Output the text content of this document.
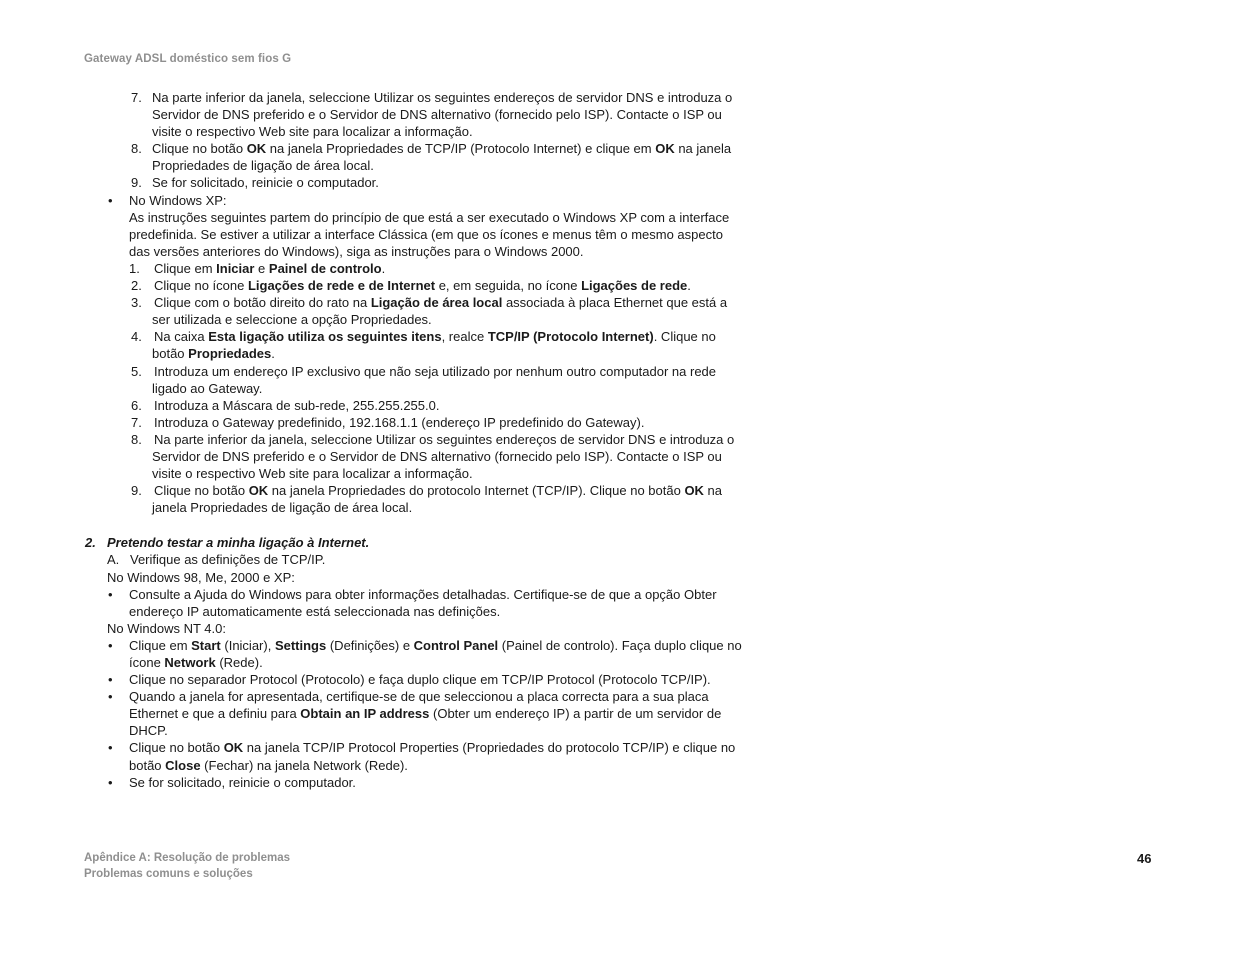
Gateway ADSL doméstico sem fios G
7. Na parte inferior da janela, seleccione Utilizar os seguintes endereços de servidor DNS e introduza o
Servidor de DNS preferido e o Servidor de DNS alternativo (fornecido pelo ISP). Contacte o ISP ou
visite o respectivo Web site para localizar a informação.
8. Clique no botão OK na janela Propriedades de TCP/IP (Protocolo Internet) e clique em OK na janela
Propriedades de ligação de área local.
9. Se for solicitado, reinicie o computador.
• No Windows XP:
As instruções seguintes partem do princípio de que está a ser executado o Windows XP com a interface
predefinida. Se estiver a utilizar a interface Clássica (em que os ícones e menus têm o mesmo aspecto
das versões anteriores do Windows), siga as instruções para o Windows 2000.
1. Clique em Iniciar e Painel de controlo.
2. Clique no ícone Ligações de rede e de Internet e, em seguida, no ícone Ligações de rede.
3. Clique com o botão direito do rato na Ligação de área local associada à placa Ethernet que está a
ser utilizada e seleccione a opção Propriedades.
4. Na caixa Esta ligação utiliza os seguintes itens, realce TCP/IP (Protocolo Internet). Clique no
botão Propriedades.
5. Introduza um endereço IP exclusivo que não seja utilizado por nenhum outro computador na rede
ligado ao Gateway.
6. Introduza a Máscara de sub-rede, 255.255.255.0.
7. Introduza o Gateway predefinido, 192.168.1.1 (endereço IP predefinido do Gateway).
8. Na parte inferior da janela, seleccione Utilizar os seguintes endereços de servidor DNS e introduza o
Servidor de DNS preferido e o Servidor de DNS alternativo (fornecido pelo ISP). Contacte o ISP ou
visite o respectivo Web site para localizar a informação.
9. Clique no botão OK na janela Propriedades do protocolo Internet (TCP/IP). Clique no botão OK na
janela Propriedades de ligação de área local.
2. Pretendo testar a minha ligação à Internet.
A. Verifique as definições de TCP/IP.
No Windows 98, Me, 2000 e XP:
• Consulte a Ajuda do Windows para obter informações detalhadas. Certifique-se de que a opção Obter
endereço IP automaticamente está seleccionada nas definições.
No Windows NT 4.0:
• Clique em Start (Iniciar), Settings (Definições) e Control Panel (Painel de controlo). Faça duplo clique no
ícone Network (Rede).
• Clique no separador Protocol (Protocolo) e faça duplo clique em TCP/IP Protocol (Protocolo TCP/IP).
• Quando a janela for apresentada, certifique-se de que seleccionou a placa correcta para a sua placa
Ethernet e que a definiu para Obtain an IP address (Obter um endereço IP) a partir de um servidor de
DHCP.
• Clique no botão OK na janela TCP/IP Protocol Properties (Propriedades do protocolo TCP/IP) e clique no
botão Close (Fechar) na janela Network (Rede).
• Se for solicitado, reinicie o computador.
Apêndice A: Resolução de problemas
Problemas comuns e soluções
46
